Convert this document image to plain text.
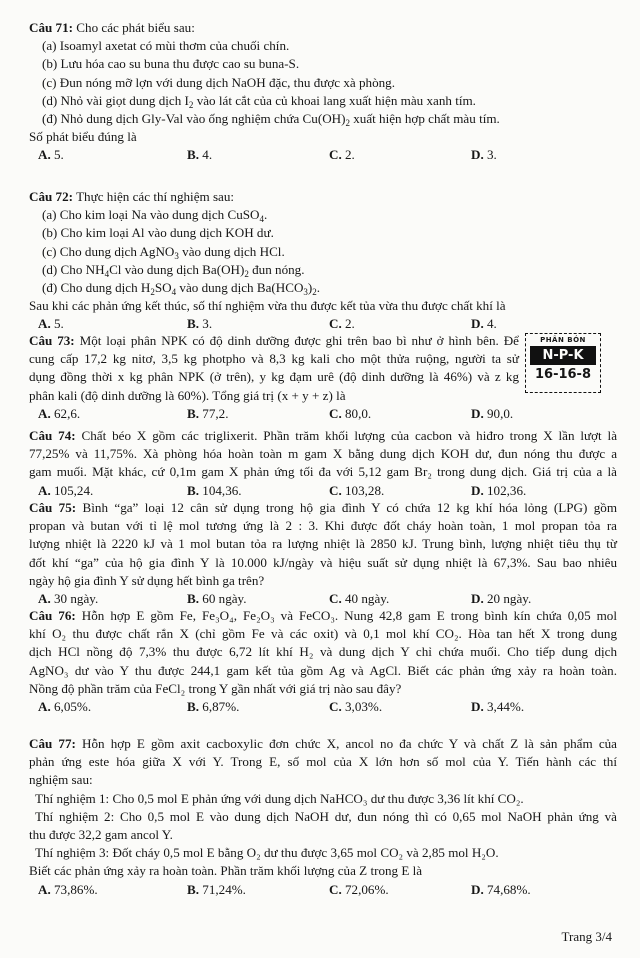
Câu 71: Cho các phát biểu sau:
(a) Isoamyl axetat có mùi thơm của chuối chín.
(b) Lưu hóa cao su buna thu được cao su buna-S.
(c) Đun nóng mỡ lợn với dung dịch NaOH đặc, thu được xà phòng.
(d) Nhỏ vài giọt dung dịch $I_2$ vào lát cắt của củ khoai lang xuất hiện màu xanh tím.
(đ) Nhỏ dung dịch Gly-Val vào ống nghiệm chứa $Cu(OH)_2$ xuất hiện hợp chất màu tím.
Số phát biểu đúng là
A. 5.	B. 4.	C. 2.	D. 3.
Câu 72: Thực hiện các thí nghiệm sau:
(a) Cho kim loại Na vào dung dịch CuSO$_4$.
(b) Cho kim loại Al vào dung dịch KOH dư.
(c) Cho dung dịch AgNO$_3$ vào dung dịch HCl.
(d) Cho $NH_4Cl$ vào dung dịch $Ba(OH)_2$ đun nóng.
(đ) Cho dung dịch $H_2SO_4$ vào dung dịch $Ba(HCO_3)_2$.
Sau khi các phản ứng kết thúc, số thí nghiệm vừa thu được kết tủa vừa thu được chất khí là
A. 5.	B. 3.	C. 2.	D. 4.
Câu 73: Một loại phân NPK có độ dinh dưỡng được ghi trên bao bì như ở hình bên. Để
cung cấp 17,2 kg nitơ, 3,5 kg photpho và 8,3 kg kali cho một thửa ruộng, người ta sử
dụng đồng thời x kg phân NPK (ở trên), y kg đạm urê (độ dinh dưỡng là 46%) và z kg
phân kali (độ dinh dưỡng là 60%). Tổng giá trị (x + y + z) là
A. 62,6.	B. 77,2.	C. 80,0.	D. 90,0.
Câu 74: Chất béo X gồm các triglixerit. Phần trăm khối lượng của cacbon và hiđro trong X lần lượt là
77,25% và 11,75%. Xà phòng hóa hoàn toàn m gam X bằng dung dịch KOH dư, đun nóng thu được a
gam muối. Mặt khác, cứ 0,1m gam X phản ứng tối đa với 5,12 gam Br₂ trong dung dịch. Giá trị của a là
A. 105,24.	B. 104,36.	C. 103,28.	D. 102,36.
Câu 75: Bình “ga” loại 12 cân sử dụng trong hộ gia đình Y có chứa 12 kg khí hóa lỏng (LPG) gồm
propan và butan với tỉ lệ mol tương ứng là 2 : 3. Khi được đốt cháy hoàn toàn, 1 mol propan tỏa ra
lượng nhiệt là 2220 kJ và 1 mol butan tỏa ra lượng nhiệt là 2850 kJ. Trung bình, lượng nhiệt tiêu thụ từ
đốt khí “ga” của hộ gia đình Y là 10.000 kJ/ngày và hiệu suất sử dụng nhiệt là 67,3%. Sau bao nhiêu
ngày hộ gia đình Y sử dụng hết bình ga trên?
A. 30 ngày.	B. 60 ngày.	C. 40 ngày.	D. 20 ngày.
Câu 76: Hỗn hợp E gồm Fe, Fe₃O₄, Fe₂O₃ và FeCO₃. Nung 42,8 gam E trong bình kín chứa 0,05 mol
khí O₂ thu được chất rắn X (chỉ gồm Fe và các oxit) và 0,1 mol khí CO₂. Hòa tan hết X trong dung
dịch HCl nồng độ 7,3% thu được 6,72 lít khí H₂ và dung dịch Y chỉ chứa muối. Cho tiếp dung dịch
AgNO₃ dư vào Y thu được 244,1 gam kết tủa gồm Ag và AgCl. Biết các phản ứng xảy ra hoàn toàn.
Nồng độ phần trăm của FeCl₂ trong Y gần nhất với giá trị nào sau đây?
A. 6,05%.	B. 6,87%.	C. 3,03%.	D. 3,44%.
Câu 77: Hỗn hợp E gồm axit cacboxylic đơn chức X, ancol no đa chức Y và chất Z là sản phẩm của
phản ứng este hóa giữa X với Y. Trong E, số mol của X lớn hơn số mol của Y. Tiến hành các thí
nghiệm sau:
Thí nghiệm 1: Cho 0,5 mol E phản ứng với dung dịch NaHCO₃ dư thu được 3,36 lít khí CO₂.
Thí nghiệm 2: Cho 0,5 mol E vào dung dịch NaOH dư, đun nóng thì có 0,65 mol NaOH phản ứng và
thu được 32,2 gam ancol Y.
Thí nghiệm 3: Đốt cháy 0,5 mol E bằng O₂ dư thu được 3,65 mol CO₂ và 2,85 mol H₂O.
Biết các phản ứng xảy ra hoàn toàn. Phần trăm khối lượng của Z trong E là
A. 73,86%.	B. 71,24%.	C. 72,06%.	D. 74,68%.
PHÂN BÓN
N-P-K
16-16-8
Trang 3/4
